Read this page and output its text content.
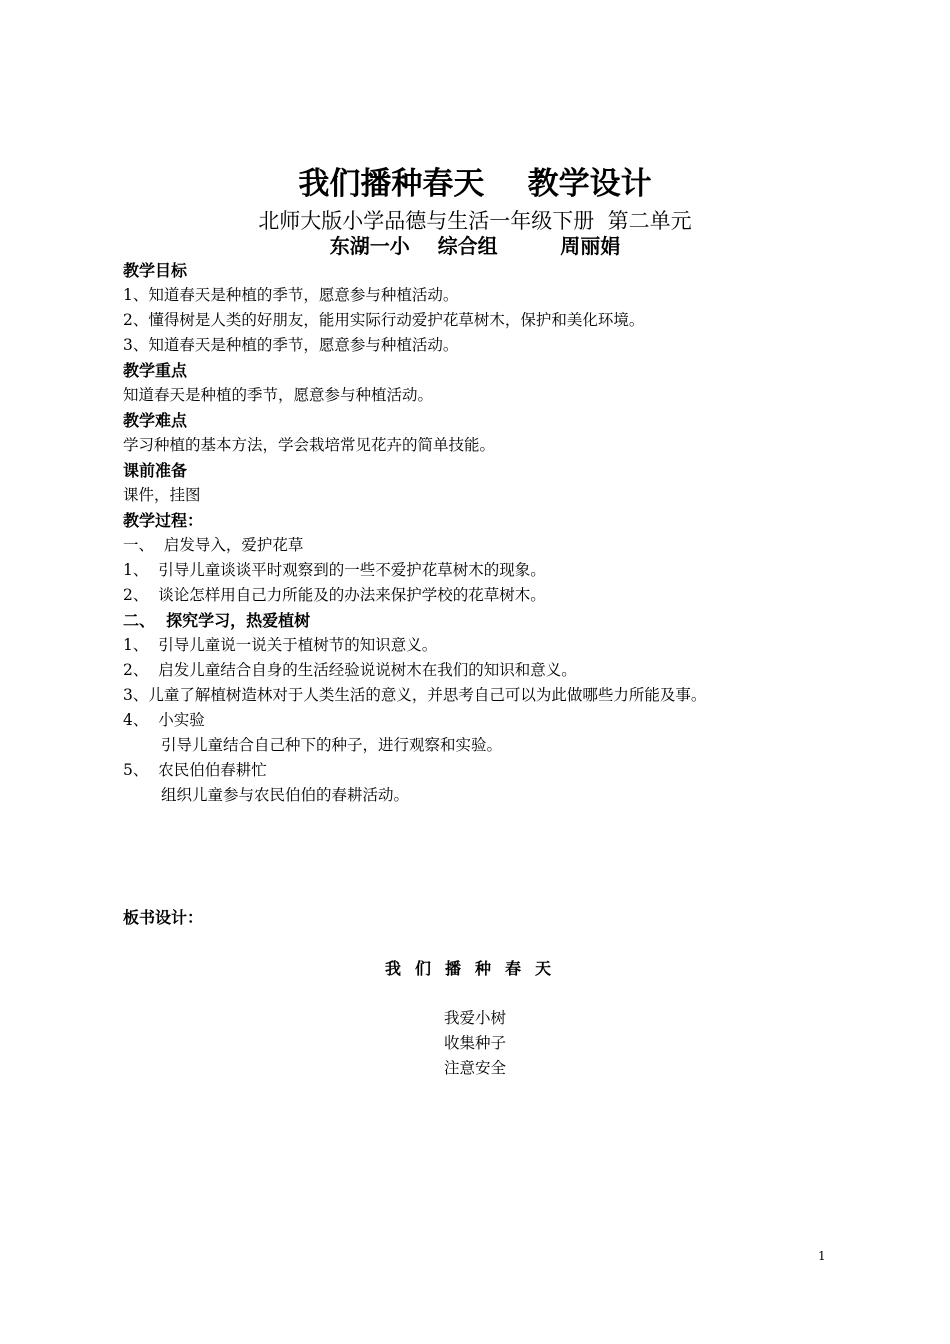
我们播种春天    教学设计
北师大版小学品德与生活一年级下册  第二单元
东湖一小    综合组         周丽娟
教学目标
1、知道春天是种植的季节，愿意参与种植活动。
2、懂得树是人类的好朋友，能用实际行动爱护花草树木，保护和美化环境。
3、知道春天是种植的季节，愿意参与种植活动。
教学重点
知道春天是种植的季节，愿意参与种植活动。
教学难点
学习种植的基本方法，学会栽培常见花卉的简单技能。
课前准备
课件，挂图
教学过程：
一、  启发导入，爱护花草
1、  引导儿童谈谈平时观察到的一些不爱护花草树木的现象。
2、  谈论怎样用自己力所能及的办法来保护学校的花草树木。
二、  探究学习，热爱植树
1、  引导儿童说一说关于植树节的知识意义。
2、  启发儿童结合自身的生活经验说说树木在我们的知识和意义。
3、儿童了解植树造林对于人类生活的意义，并思考自己可以为此做哪些力所能及事。
4、  小实验
引导儿童结合自己种下的种子，进行观察和实验。
5、  农民伯伯春耕忙
组织儿童参与农民伯伯的春耕活动。
板书设计：
我们播种春天
我爱小树
收集种子
注意安全
1
